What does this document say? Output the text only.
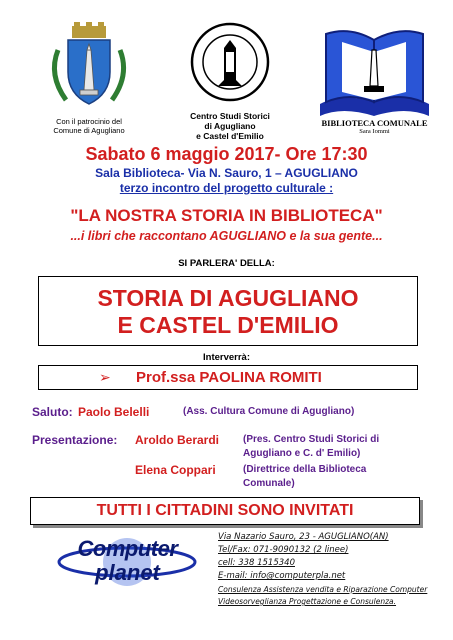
Con il patrocinio del
Comune di Agugliano
Centro Studi Storici
di Agugliano
e Castel d'Emilio
BIBLIOTECA COMUNALE
Sara Iommi
Sabato 6 maggio 2017- Ore 17:30
Sala Biblioteca- Via N. Sauro, 1 – AGUGLIANO
terzo incontro del progetto culturale :
"LA NOSTRA STORIA IN BIBLIOTECA"
...i libri che raccontano AGUGLIANO e la sua gente...
SI PARLERA' DELLA:
STORIA DI AGUGLIANO
E CASTEL D'EMILIO
Interverrà:
➢ Prof.ssa PAOLINA ROMITI
Saluto: Paolo Belelli	(Ass. Cultura Comune di Agugliano)
Presentazione: Aroldo Berardi (Pres. Centro Studi Storici di
Agugliano e C. d' Emilio)
Elena Coppari	(Direttrice della Biblioteca
Comunale)
TUTTI I CITTADINI SONO INVITATI
Computer
planet
Via Nazario Sauro, 23 - AGUGLIANO(AN)
Tel/Fax: 071-9090132 (2 linee)
cell: 338 1515340
E-mail: info@computerpla.net
Consulenza Assistenza vendita e Riparazione Computer
Videosorveglianza Progettazione e Consulenza.
